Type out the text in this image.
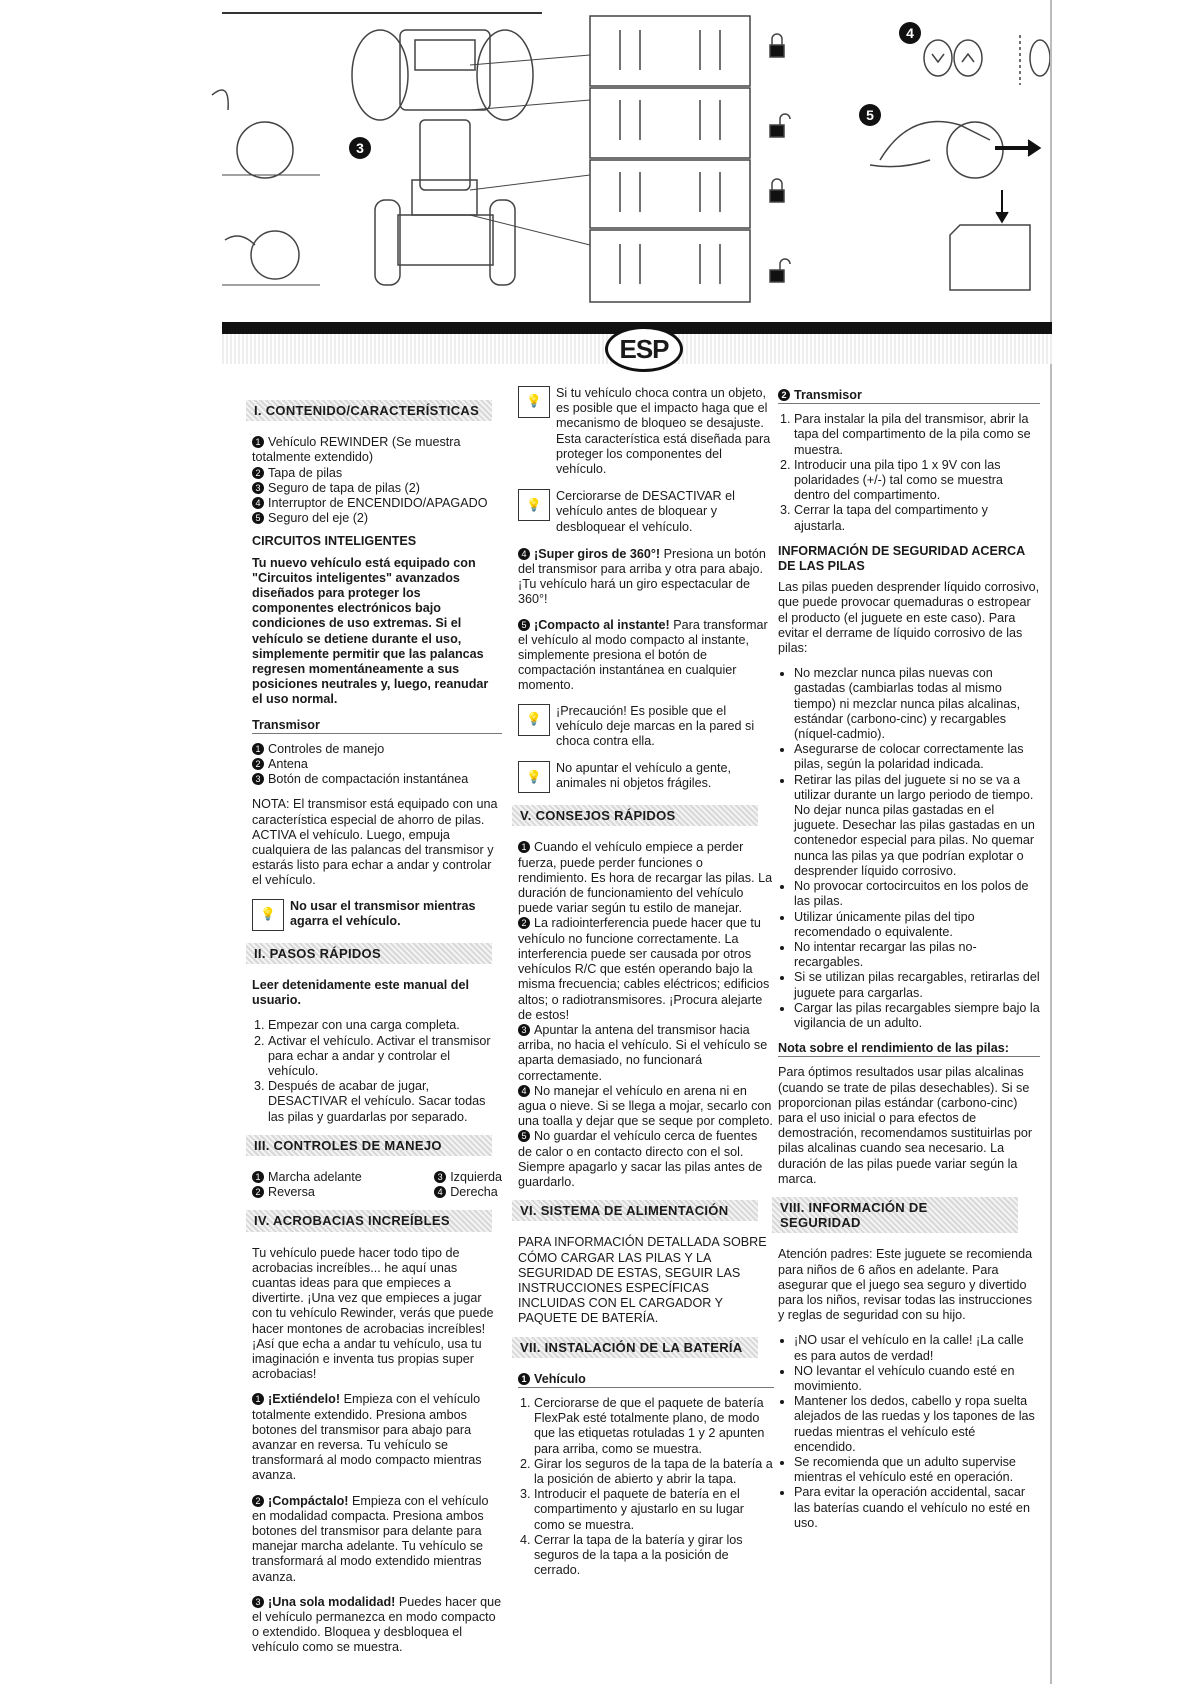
3
4
5
ESP
I. CONTENIDO/CARACTERÍSTICAS
1 Vehículo REWINDER (Se muestra totalmente extendido)
2 Tapa de pilas
3 Seguro de tapa de pilas (2)
4 Interruptor de ENCENDIDO/APAGADO
5 Seguro del eje (2)
CIRCUITOS INTELIGENTES

Tu nuevo vehículo está equipado con "Circuitos inteligentes" avanzados diseñados para proteger los componentes electrónicos bajo condiciones de uso extremas. Si el vehículo se detiene durante el uso, simplemente permitir que las palancas regresen momentáneamente a sus posiciones neutrales y, luego, reanudar el uso normal.

Transmisor
1 Controles de manejo
2 Antena
3 Botón de compactación instantánea

NOTA: El transmisor está equipado con una característica especial de ahorro de pilas. ACTIVA el vehículo. Luego, empuja cualquiera de las palancas del transmisor y estarás listo para echar a andar y controlar el vehículo.

💡
No usar el transmisor mientras agarra el vehículo.
II. PASOS RÁPIDOS

Leer detenidamente este manual del usuario.

1. Empezar con una carga completa.
2. Activar el vehículo. Activar el transmisor para echar a andar y controlar el vehículo.
3. Después de acabar de jugar, DESACTIVAR el vehículo. Sacar todas las pilas y guardarlas por separado.
III. CONTROLES DE MANEJO
1 Marcha adelante
2 Reversa
3 Izquierda
4 Derecha
IV. ACROBACIAS INCREÍBLES

Tu vehículo puede hacer todo tipo de acrobacias increíbles... he aquí unas cuantas ideas para que empieces a divertirte. ¡Una vez que empieces a jugar con tu vehículo Rewinder, verás que puede hacer montones de acrobacias increíbles! ¡Así que echa a andar tu vehículo, usa tu imaginación e inventa tus propias super acrobacias!

1 ¡Extiéndelo! Empieza con el vehículo totalmente extendido. Presiona ambos botones del transmisor para abajo para avanzar en reversa. Tu vehículo se transformará al modo compacto mientras avanza.

2 ¡Compáctalo! Empieza con el vehículo en modalidad compacta. Presiona ambos botones del transmisor para delante para manejar marcha adelante. Tu vehículo se transformará al modo extendido mientras avanza.

3 ¡Una sola modalidad! Puedes hacer que el vehículo permanezca en modo compacto o extendido. Bloquea y desbloquea el vehículo como se muestra.

💡
Si tu vehículo choca contra un objeto, es posible que el impacto haga que el mecanismo de bloqueo se desajuste. Esta característica está diseñada para proteger los componentes del vehículo.
💡
Cerciorarse de DESACTIVAR el vehículo antes de bloquear y desbloquear el vehículo.

4 ¡Super giros de 360°! Presiona un botón del transmisor para arriba y otra para abajo. ¡Tu vehículo hará un giro espectacular de 360°!

5 ¡Compacto al instante! Para transformar el vehículo al modo compacto al instante, simplemente presiona el botón de compactación instantánea en cualquier momento.

💡
¡Precaución! Es posible que el vehículo deje marcas en la pared si choca contra ella.
💡
No apuntar el vehículo a gente, animales ni objetos frágiles.
V. CONSEJOS RÁPIDOS
1 Cuando el vehículo empiece a perder fuerza, puede perder funciones o rendimiento. Es hora de recargar las pilas. La duración de funcionamiento del vehículo puede variar según tu estilo de manejar.
2 La radiointerferencia puede hacer que tu vehículo no funcione correctamente. La interferencia puede ser causada por otros vehículos R/C que estén operando bajo la misma frecuencia; cables eléctricos; edificios altos; o radiotransmisores. ¡Procura alejarte de estos!
3 Apuntar la antena del transmisor hacia arriba, no hacia el vehículo. Si el vehículo se aparta demasiado, no funcionará correctamente.
4 No manejar el vehículo en arena ni en agua o nieve. Si se llega a mojar, secarlo con una toalla y dejar que se seque por completo.
5 No guardar el vehículo cerca de fuentes de calor o en contacto directo con el sol. Siempre apagarlo y sacar las pilas antes de guardarlo.
VI. SISTEMA DE ALIMENTACIÓN

PARA INFORMACIÓN DETALLADA SOBRE CÓMO CARGAR LAS PILAS Y LA SEGURIDAD DE ESTAS, SEGUIR LAS INSTRUCCIONES ESPECÍFICAS INCLUIDAS CON EL CARGADOR Y PAQUETE DE BATERÍA.

VII. INSTALACIÓN DE LA BATERÍA
1 Vehículo
1. Cerciorarse de que el paquete de batería FlexPak esté totalmente plano, de modo que las etiquetas rotuladas 1 y 2 apunten para arriba, como se muestra.
2. Girar los seguros de la tapa de la batería a la posición de abierto y abrir la tapa.
3. Introducir el paquete de batería en el compartimento y ajustarlo en su lugar como se muestra.
4. Cerrar la tapa de la batería y girar los seguros de la tapa a la posición de cerrado.
2 Transmisor
1. Para instalar la pila del transmisor, abrir la tapa del compartimento de la pila como se muestra.
2. Introducir una pila tipo 1 x 9V con las polaridades (+/-) tal como se muestra dentro del compartimento.
3. Cerrar la tapa del compartimento y ajustarla.
INFORMACIÓN DE SEGURIDAD ACERCA DE LAS PILAS

Las pilas pueden desprender líquido corrosivo, que puede provocar quemaduras o estropear el producto (el juguete en este caso). Para evitar el derrame de líquido corrosivo de las pilas:

• No mezclar nunca pilas nuevas con gastadas (cambiarlas todas al mismo tiempo) ni mezclar nunca pilas alcalinas, estándar (carbono-cinc) y recargables (níquel-cadmio).
• Asegurarse de colocar correctamente las pilas, según la polaridad indicada.
• Retirar las pilas del juguete si no se va a utilizar durante un largo periodo de tiempo. No dejar nunca pilas gastadas en el juguete. Desechar las pilas gastadas en un contenedor especial para pilas. No quemar nunca las pilas ya que podrían explotar o desprender líquido corrosivo.
• No provocar cortocircuitos en los polos de las pilas.
• Utilizar únicamente pilas del tipo recomendado o equivalente.
• No intentar recargar las pilas no-recargables.
• Si se utilizan pilas recargables, retirarlas del juguete para cargarlas.
• Cargar las pilas recargables siempre bajo la vigilancia de un adulto.
Nota sobre el rendimiento de las pilas:

Para óptimos resultados usar pilas alcalinas (cuando se trate de pilas desechables). Si se proporcionan pilas estándar (carbono-cinc) para el uso inicial o para efectos de demostración, recomendamos sustituirlas por pilas alcalinas cuando sea necesario. La duración de las pilas puede variar según la marca.

VIII. INFORMACIÓN DE SEGURIDAD

Atención padres: Este juguete se recomienda para niños de 6 años en adelante. Para asegurar que el juego sea seguro y divertido para los niños, revisar todas las instrucciones y reglas de seguridad con su hijo.

• ¡NO usar el vehículo en la calle! ¡La calle es para autos de verdad!
• NO levantar el vehículo cuando esté en movimiento.
• Mantener los dedos, cabello y ropa suelta alejados de las ruedas y los tapones de las ruedas mientras el vehículo esté encendido.
• Se recomienda que un adulto supervise mientras el vehículo esté en operación.
• Para evitar la operación accidental, sacar las baterías cuando el vehículo no esté en uso.
